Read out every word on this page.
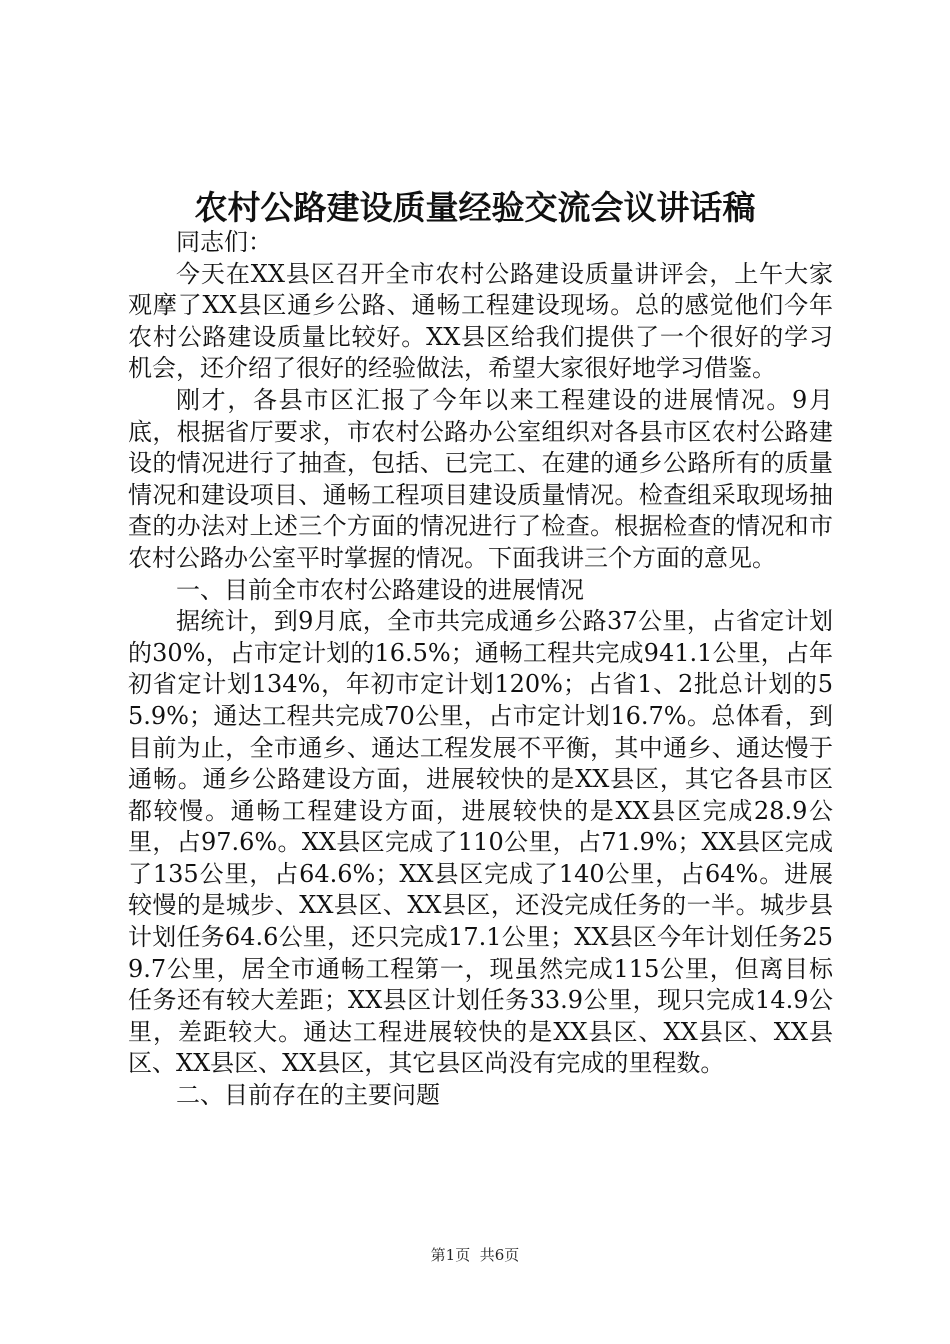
农村公路建设质量经验交流会议讲话稿

同志们：

今天在XX县区召开全市农村公路建设质量讲评会，上午大家观摩了XX县区通乡公路、通畅工程建设现场。总的感觉他们今年农村公路建设质量比较好。XX县区给我们提供了一个很好的学习机会，还介绍了很好的经验做法，希望大家很好地学习借鉴。

刚才，各县市区汇报了今年以来工程建设的进展情况。9月底，根据省厅要求，市农村公路办公室组织对各县市区农村公路建设的情况进行了抽查，包括、已完工、在建的通乡公路所有的质量情况和建设项目、通畅工程项目建设质量情况。检查组采取现场抽查的办法对上述三个方面的情况进行了检查。根据检查的情况和市农村公路办公室平时掌握的情况。下面我讲三个方面的意见。

一、目前全市农村公路建设的进展情况

据统计，到9月底，全市共完成通乡公路37公里，占省定计划的30%，占市定计划的16.5%；通畅工程共完成941.1公里，占年初省定计划134%，年初市定计划120%；占省1、2批总计划的55.9%；通达工程共完成70公里，占市定计划16.7%。总体看，到目前为止，全市通乡、通达工程发展不平衡，其中通乡、通达慢于通畅。通乡公路建设方面，进展较快的是XX县区，其它各县市区都较慢。通畅工程建设方面，进展较快的是XX县区完成28.9公里，占97.6%。XX县区完成了110公里，占71.9%；XX县区完成了135公里，占64.6%；XX县区完成了140公里，占64%。进展较慢的是城步、XX县区、XX县区，还没完成任务的一半。城步县计划任务64.6公里，还只完成17.1公里；XX县区今年计划任务259.7公里，居全市通畅工程第一，现虽然完成115公里，但离目标任务还有较大差距；XX县区计划任务33.9公里，现只完成14.9公里，差距较大。通达工程进展较快的是XX县区、XX县区、XX县区、XX县区、XX县区，其它县区尚没有完成的里程数。

二、目前存在的主要问题

第1页 共6页
